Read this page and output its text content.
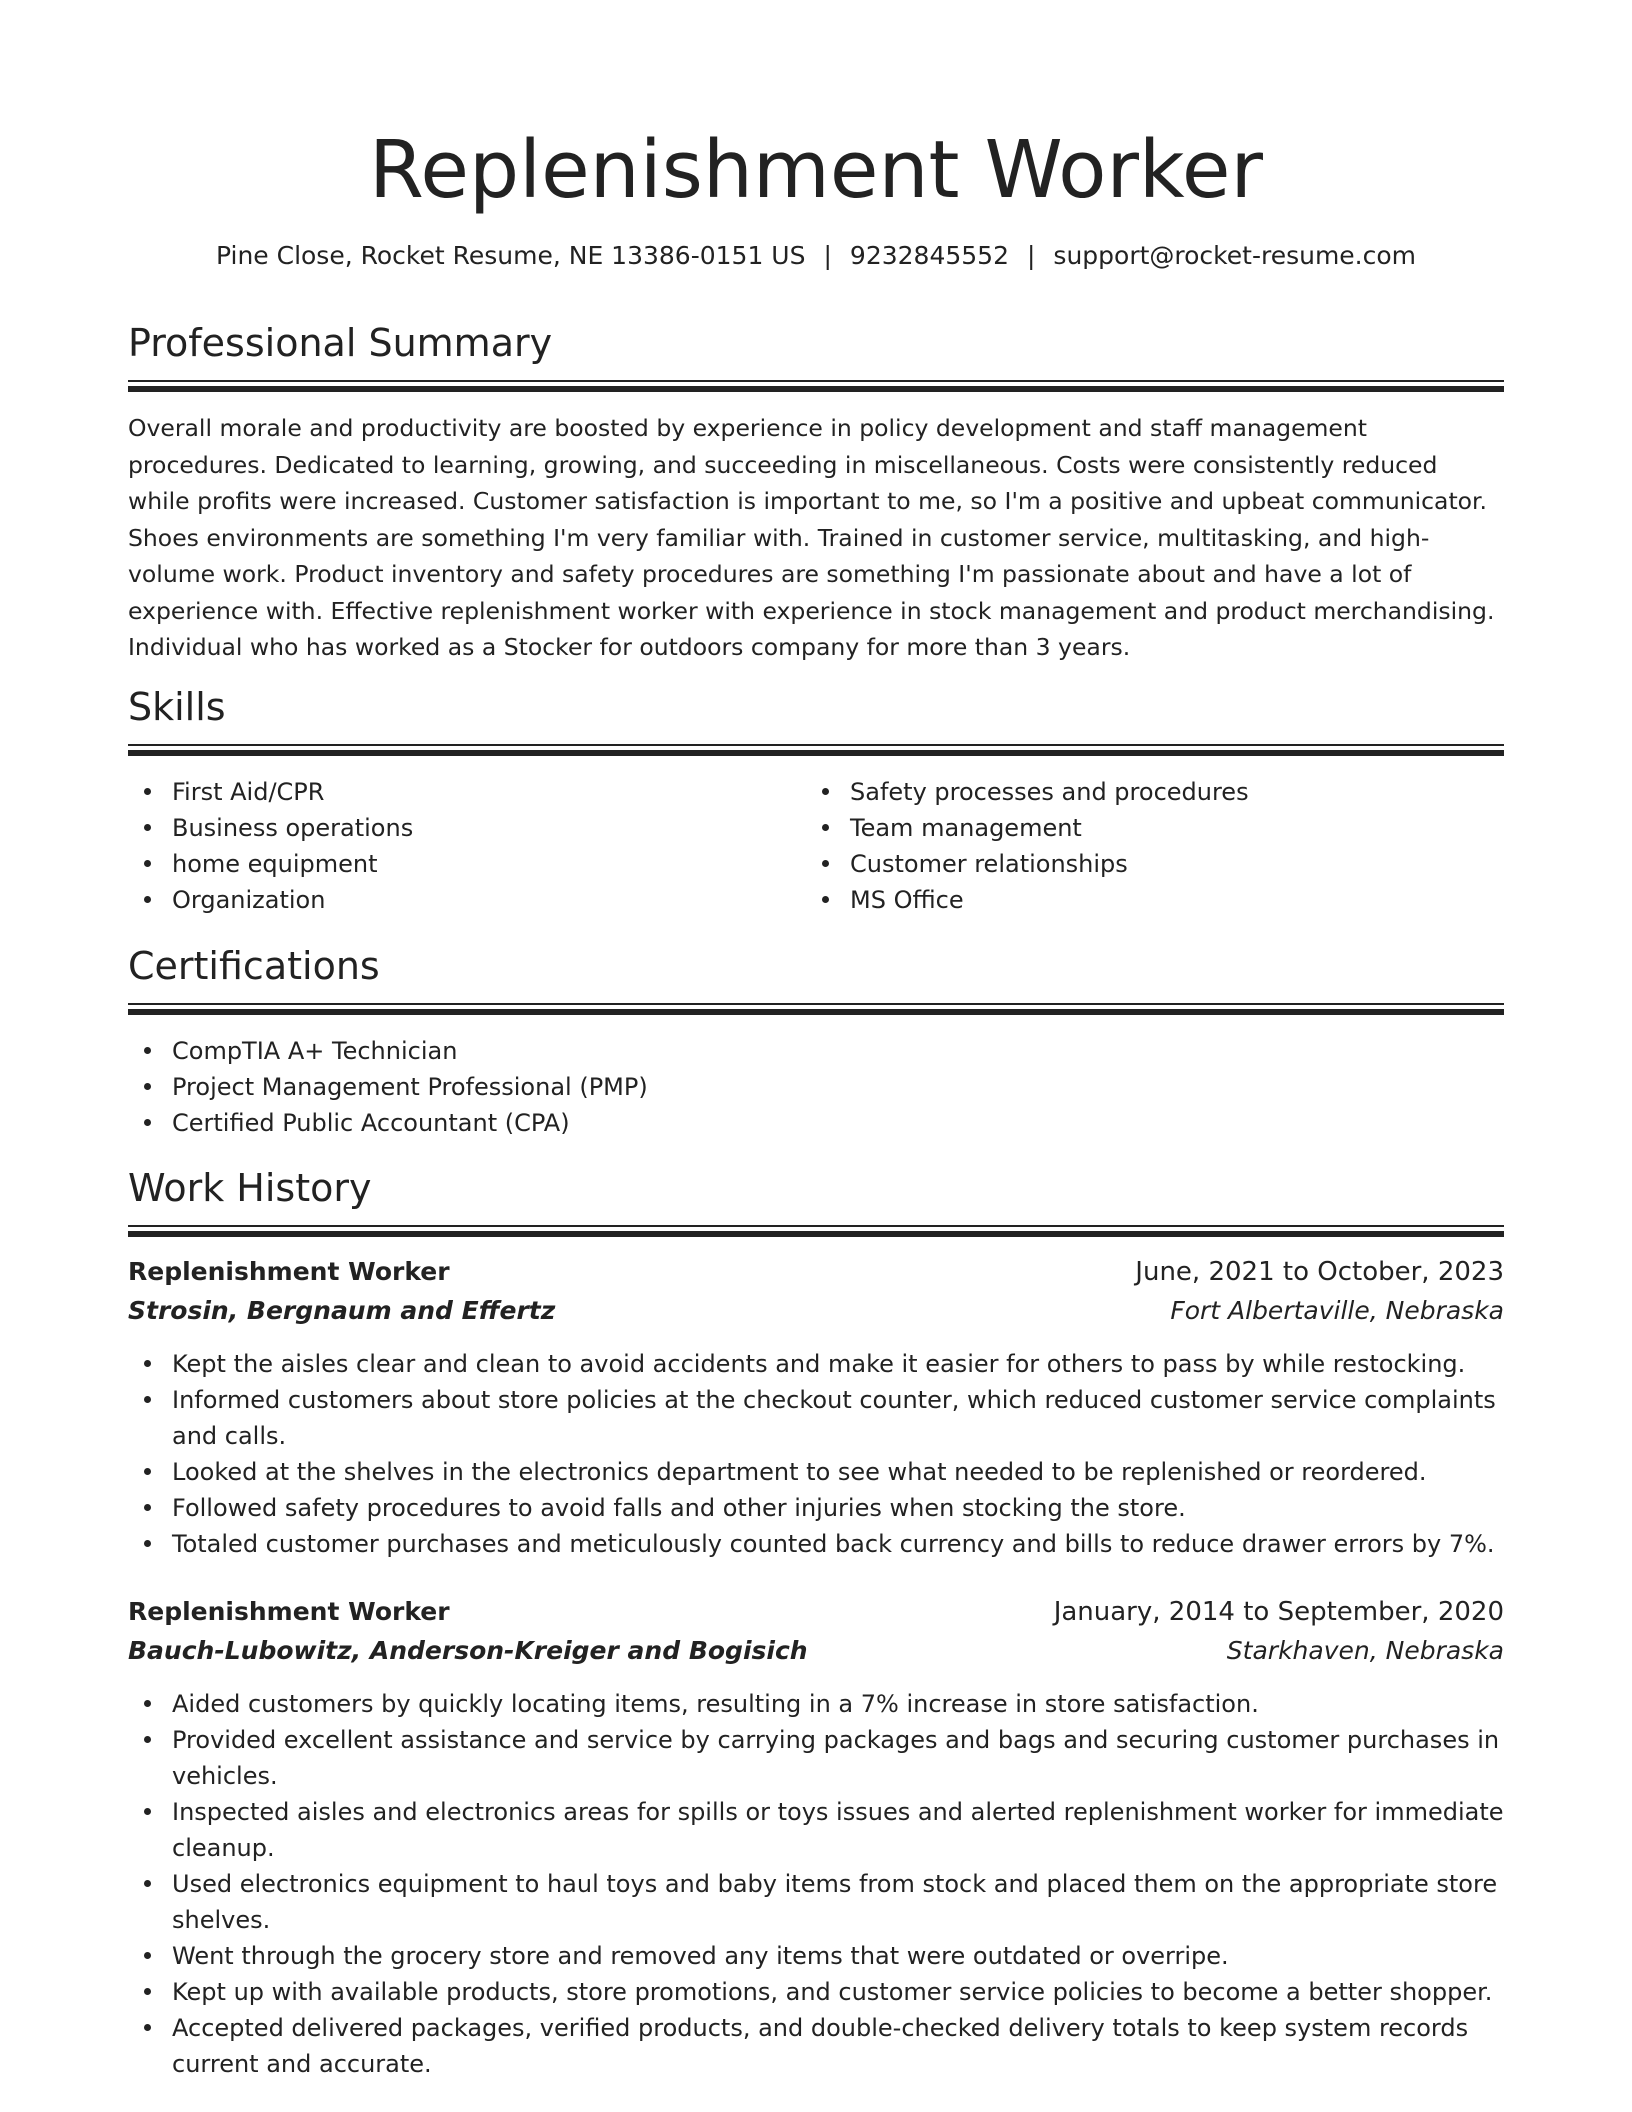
Replenishment Worker
Pine Close, Rocket Resume, NE 13386-0151 US | 9232845552 | support@rocket-resume.com
Professional Summary

Overall morale and productivity are boosted by experience in policy development and staff management procedures. Dedicated to learning, growing, and succeeding in miscellaneous. Costs were consistently reduced while profits were increased. Customer satisfaction is important to me, so I'm a positive and upbeat communicator. Shoes environments are something I'm very familiar with. Trained in customer service, multitasking, and high-volume work. Product inventory and safety procedures are something I'm passionate about and have a lot of experience with. Effective replenishment worker with experience in stock management and product merchandising. Individual who has worked as a Stocker for outdoors company for more than 3 years.

Skills
First Aid/CPR
Business operations
home equipment
Organization
Safety processes and procedures
Team management
Customer relationships
MS Office
Certifications
CompTIA A+ Technician
Project Management Professional (PMP)
Certified Public Accountant (CPA)
Work History
Replenishment Worker	June, 2021 to October, 2023
Strosin, Bergnaum and Effertz	Fort Albertaville, Nebraska
Kept the aisles clear and clean to avoid accidents and make it easier for others to pass by while restocking.
Informed customers about store policies at the checkout counter, which reduced customer service complaints and calls.
Looked at the shelves in the electronics department to see what needed to be replenished or reordered.
Followed safety procedures to avoid falls and other injuries when stocking the store.
Totaled customer purchases and meticulously counted back currency and bills to reduce drawer errors by 7%.
Replenishment Worker	January, 2014 to September, 2020
Bauch-Lubowitz, Anderson-Kreiger and Bogisich	Starkhaven, Nebraska
Aided customers by quickly locating items, resulting in a 7% increase in store satisfaction.
Provided excellent assistance and service by carrying packages and bags and securing customer purchases in vehicles.
Inspected aisles and electronics areas for spills or toys issues and alerted replenishment worker for immediate cleanup.
Used electronics equipment to haul toys and baby items from stock and placed them on the appropriate store shelves.
Went through the grocery store and removed any items that were outdated or overripe.
Kept up with available products, store promotions, and customer service policies to become a better shopper.
Accepted delivered packages, verified products, and double-checked delivery totals to keep system records current and accurate.
